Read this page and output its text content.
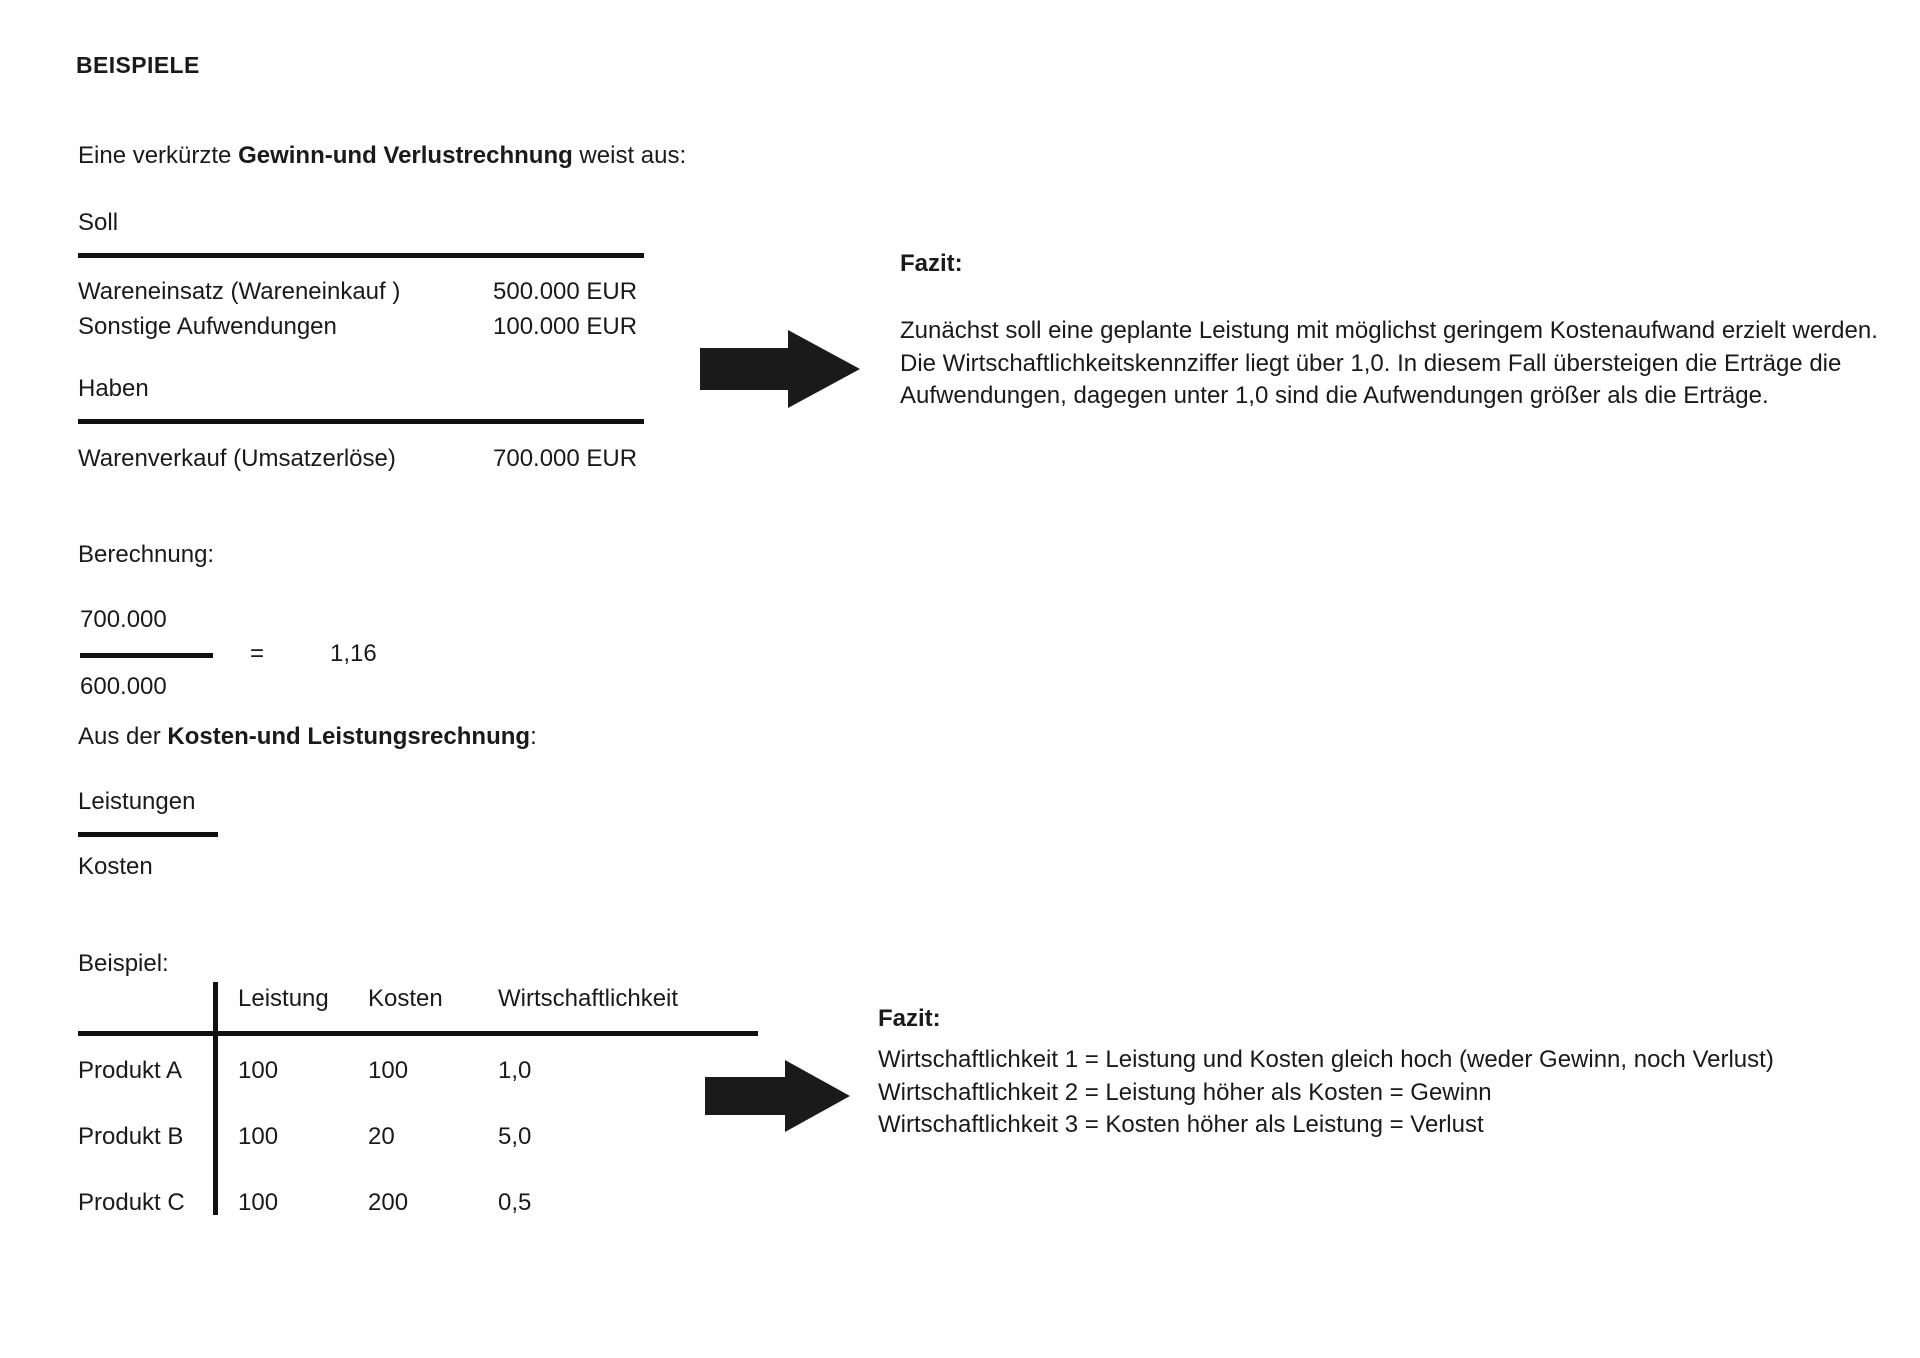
BEISPIELE
Eine verkürzte Gewinn-und Verlustrechnung weist aus:
Soll
Wareneinsatz (Wareneinkauf )	500.000 EUR
Sonstige Aufwendungen	100.000 EUR
Haben
Warenverkauf (Umsatzerlöse)	700.000 EUR
Berechnung:
700.000
600.000
=	1,16
Aus der Kosten-und Leistungsrechnung:
Leistungen
Kosten
Beispiel:
Leistung Kosten Wirtschaftlichkeit
Produkt A 100	100	1,0
Produkt B 100	20	5,0
Produkt C 100	200	0,5
Fazit:

Zunächst soll eine geplante Leistung mit möglichst geringem Kostenaufwand erzielt werden.

Die Wirtschaftlichkeitskennziffer liegt über 1,0. In diesem Fall übersteigen die Erträge die Aufwendungen, dagegen unter 1,0 sind die Aufwendungen größer als die Erträge.

Fazit:
Wirtschaftlichkeit 1 = Leistung und Kosten gleich hoch (weder Gewinn, noch Verlust)
Wirtschaftlichkeit 2 = Leistung höher als Kosten = Gewinn
Wirtschaftlichkeit 3 = Kosten höher als Leistung = Verlust
